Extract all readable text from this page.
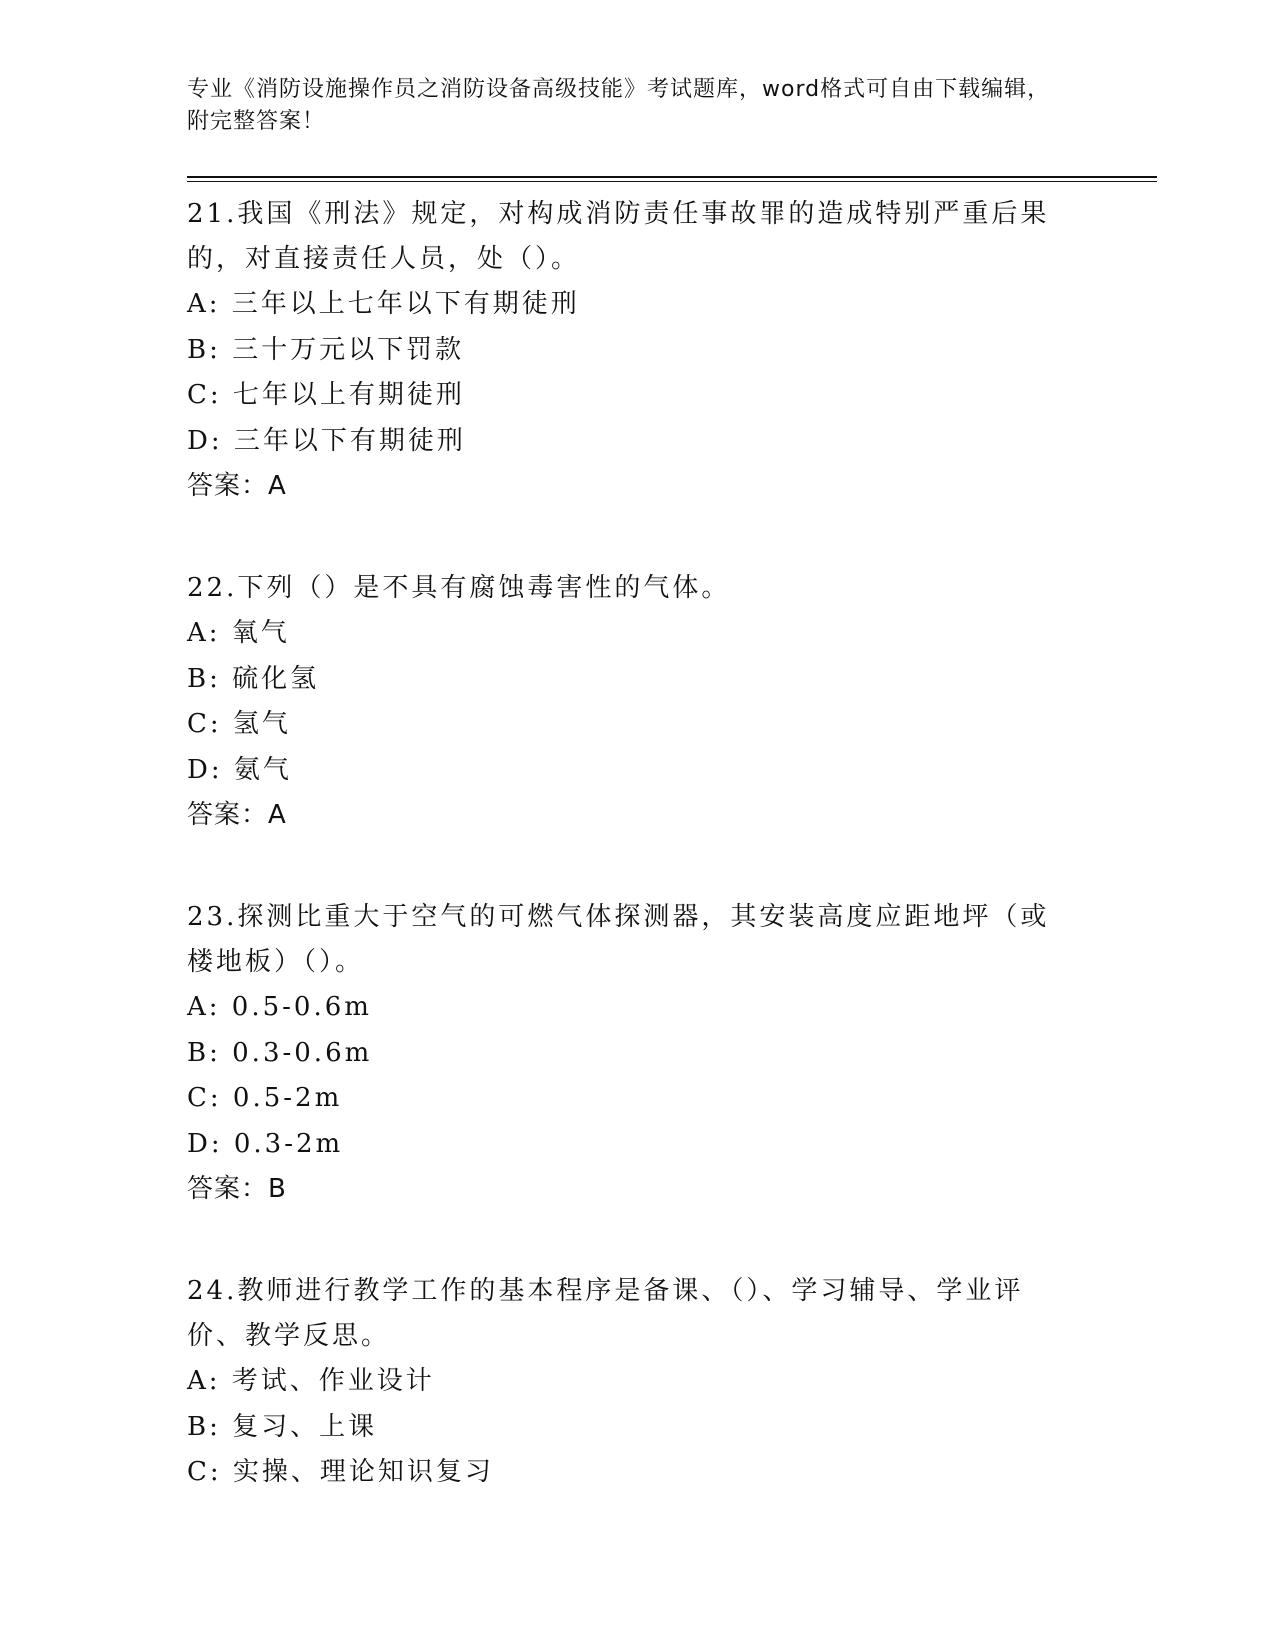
专业《消防设施操作员之消防设备高级技能》考试题库，word格式可自由下载编辑，附完整答案！
21.我国《刑法》规定，对构成消防责任事故罪的造成特别严重后果的，对直接责任人员，处（）。
A: 三年以上七年以下有期徒刑
B: 三十万元以下罚款
C: 七年以上有期徒刑
D: 三年以下有期徒刑
答案：A
22.下列（）是不具有腐蚀毒害性的气体。
A: 氧气
B: 硫化氢
C: 氢气
D: 氨气
答案：A
23.探测比重大于空气的可燃气体探测器，其安装高度应距地坪（或楼地板）（）。
A: 0.5-0.6m
B: 0.3-0.6m
C: 0.5-2m
D: 0.3-2m
答案：B
24.教师进行教学工作的基本程序是备课、（）、学习辅导、学业评价、教学反思。
A: 考试、作业设计
B: 复习、上课
C: 实操、理论知识复习
